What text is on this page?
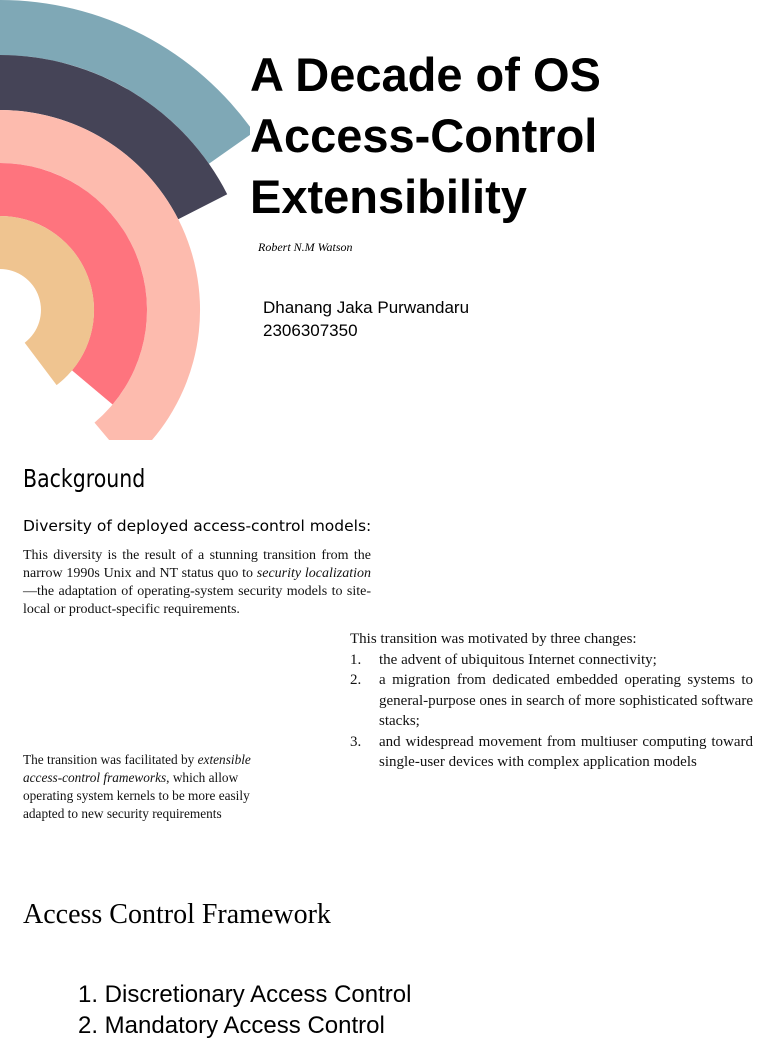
A Decade of OS
Access-Control
Extensibility

Robert N.M Watson

Dhanang Jaka Purwandaru
2306307350

Background

Diversity of deployed access-control models:

This diversity is the result of a stunning transition from the narrow 1990s Unix and NT status quo to security localization—the adaptation of operating-system security models to site-local or product-specific requirements.

This transition was motivated by three changes:

1.	the advent of ubiquitous Internet connectivity;
2.	a migration from dedicated embedded operating systems to general-purpose ones in search of more sophisticated software stacks;
3.	and widespread movement from multiuser computing toward single-user devices with complex application models

The transition was facilitated by extensible access-control frameworks, which allow operating system kernels to be more easily adapted to new security requirements

Access Control Framework
1. Discretionary Access Control
2. Mandatory Access Control
